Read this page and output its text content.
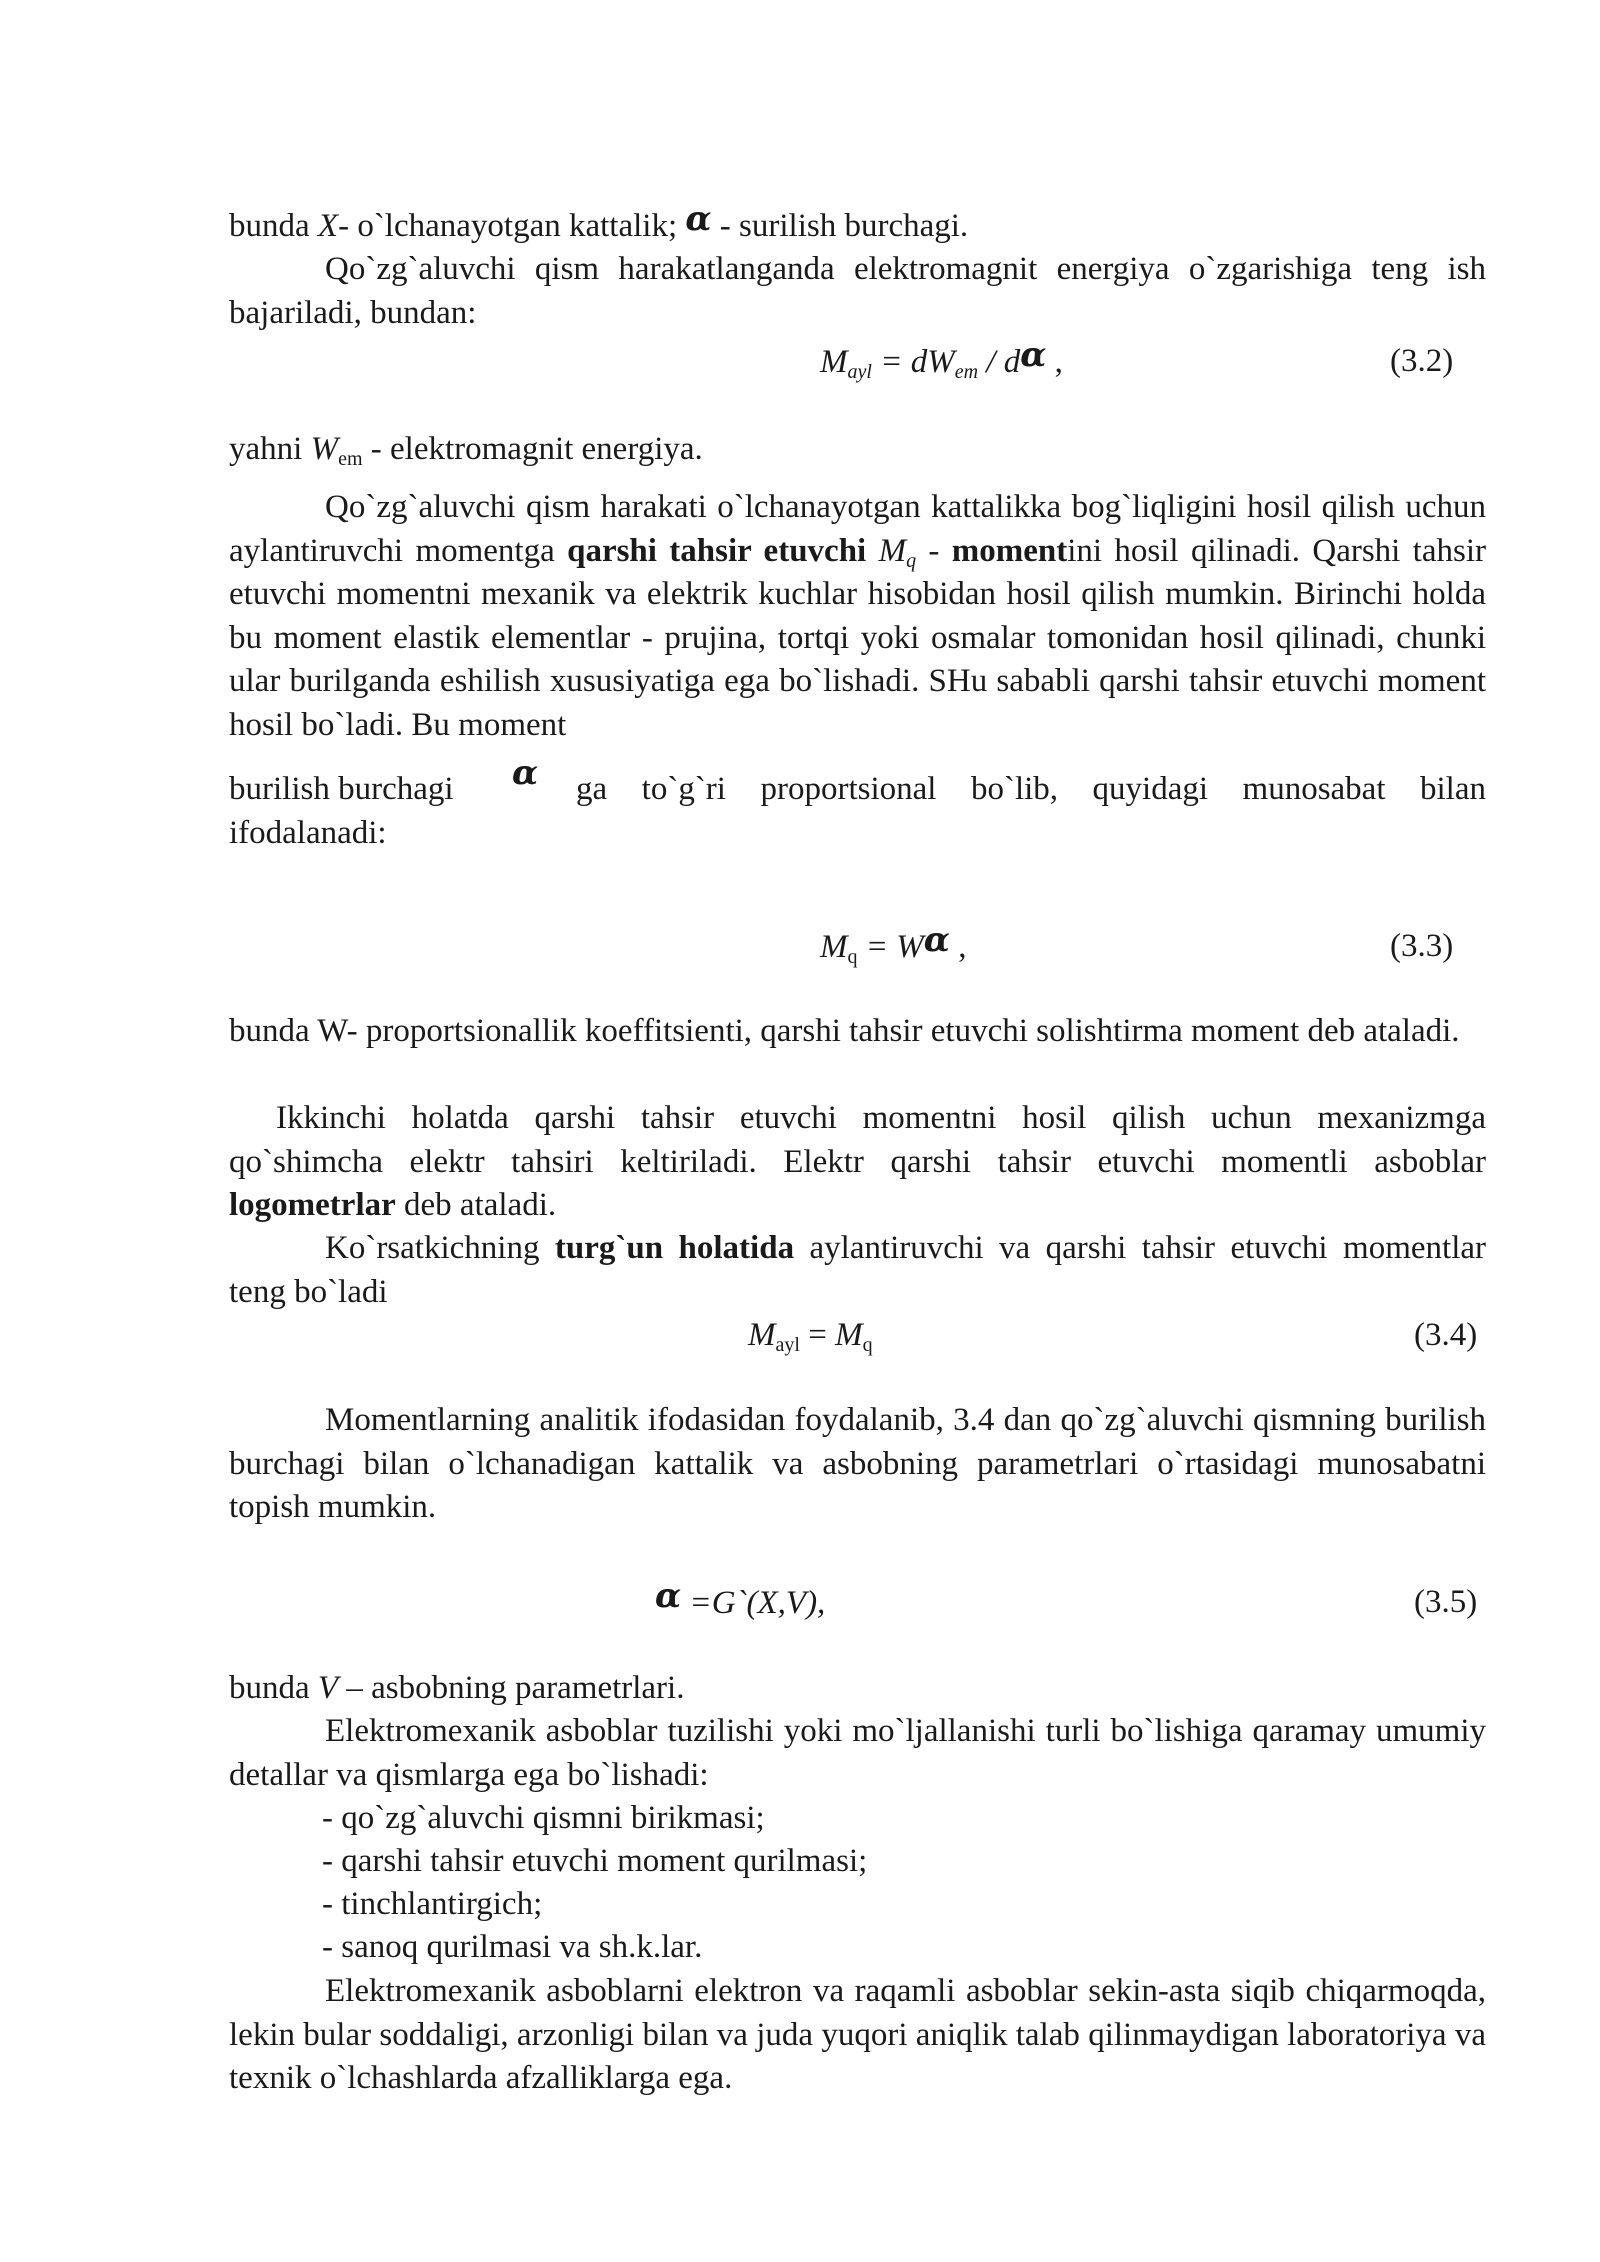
bunda X- o`lchanayotgan kattalik; α - surilish burchagi.

Qo`zg`aluvchi qism harakatlanganda elektromagnit energiya o`zgarishiga teng ish bajariladi, bundan:

$M_{ayl} = dW_{em} / d\alpha$ ,	(3.2)

yahni $W_{em}$ - elektromagnit energiya.

Qo`zg`aluvchi qism harakati o`lchanayotgan kattalikka bog`liqligini hosil qilish uchun aylantiruvchi momentga qarshi tahsir etuvchi $M_q$ - momentini hosil qilinadi. Qarshi tahsir etuvchi momentni mexanik va elektrik kuchlar hisobidan hosil qilish mumkin. Birinchi holda bu moment elastik elementlar - prujina, tortqi yoki osmalar tomonidan hosil qilinadi, chunki ular burilganda eshilish xususiyatiga ega bo`lishadi. SHu sababli qarshi tahsir etuvchi moment hosil bo`ladi. Bu moment

burilish burchagi α	ga to`g`ri proportsional bo`lib, quyidagi munosabat bilan ifodalanadi:

$M_q = W\alpha$ ,	(3.3)

bunda W- proportsionallik koeffitsienti, qarshi tahsir etuvchi solishtirma moment deb ataladi.

Ikkinchi holatda qarshi tahsir etuvchi momentni hosil qilish uchun mexanizmga qo`shimcha elektr tahsiri keltiriladi. Elektr qarshi tahsir etuvchi momentli asboblar logometrlar deb ataladi.

Ko`rsatkichning turg`un holatida aylantiruvchi va qarshi tahsir etuvchi momentlar teng bo`ladi

$M_{ayl} = M_q$	(3.4)

Momentlarning analitik ifodasidan foydalanib, 3.4 dan qo`zg`aluvchi qismning burilish burchagi bilan o`lchanadigan kattalik va asbobning parametrlari o`rtasidagi munosabatni topish mumkin.

α =G`(X,V),	(3.5)

bunda V – asbobning parametrlari.

Elektromexanik asboblar tuzilishi yoki mo`ljallanishi turli bo`lishiga qaramay umumiy detallar va qismlarga ega bo`lishadi:

- qo`zg`aluvchi qismni birikmasi;
- qarshi tahsir etuvchi moment qurilmasi;
- tinchlantirgich;
- sanoq qurilmasi va sh.k.lar.

Elektromexanik asboblarni elektron va raqamli asboblar sekin-asta siqib chiqarmoqda, lekin bular soddaligi, arzonligi bilan va juda yuqori aniqlik talab qilinmaydigan laboratoriya va texnik o`lchashlarda afzalliklarga ega.
